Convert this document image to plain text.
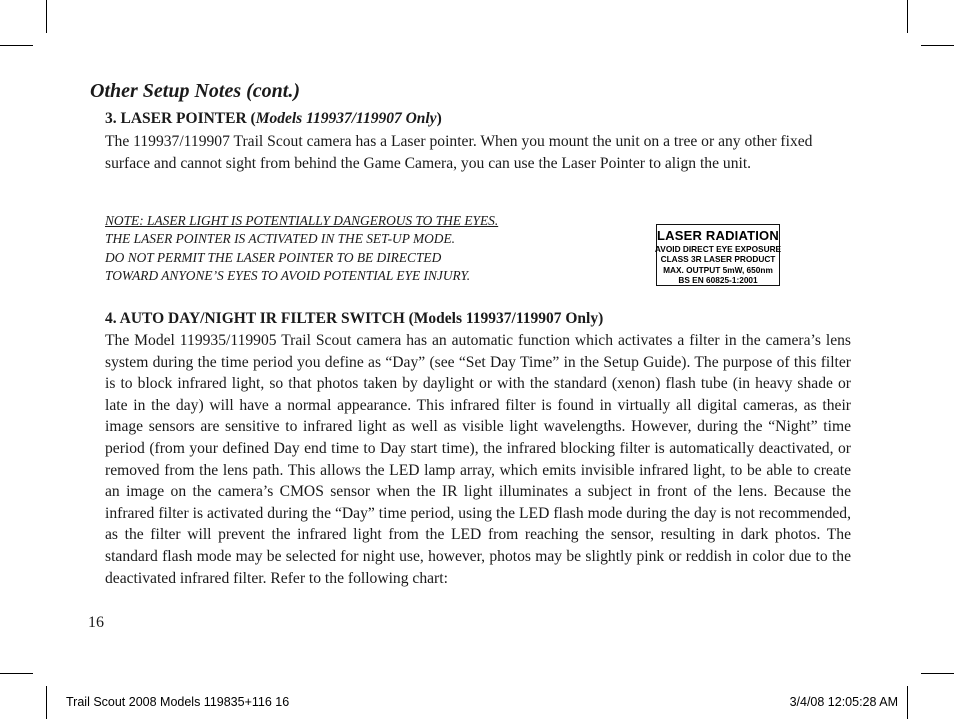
Other Setup Notes (cont.)

3. LASER POINTER (Models 119937/119907 Only)

The 119937/119907 Trail Scout camera has a Laser pointer. When you mount the unit on a tree or any other fixed surface and cannot sight from behind the Game Camera, you can use the Laser Pointer to align the unit.

NOTE: LASER LIGHT IS POTENTIALLY DANGEROUS TO THE EYES.
THE LASER POINTER IS ACTIVATED IN THE SET-UP MODE.
DO NOT PERMIT THE LASER POINTER TO BE DIRECTED
TOWARD ANYONE’S EYES TO AVOID POTENTIAL EYE INJURY.
LASER RADIATION
AVOID DIRECT EYE EXPOSURE
CLASS 3R LASER PRODUCT
MAX. OUTPUT 5mW, 650nm
BS EN 60825-1:2001

4. AUTO DAY/NIGHT IR FILTER SWITCH (Models 119937/119907 Only)

The Model 119935/119905 Trail Scout camera has an automatic function which activates a filter in the camera’s lens system during the time period you define as “Day” (see “Set Day Time” in the Setup Guide). The purpose of this filter is to block infrared light, so that photos taken by daylight or with the standard (xenon) flash tube (in heavy shade or late in the day) will have a normal appearance. This infrared filter is found in virtually all digital cameras, as their image sensors are sensitive to infrared light as well as visible light wavelengths. However, during the “Night” time period (from your defined Day end time to Day start time), the infrared blocking filter is automatically deactivated, or removed from the lens path. This allows the LED lamp array, which emits invisible infrared light, to be able to create an image on the camera’s CMOS sensor when the IR light illuminates a subject in front of the lens. Because the infrared filter is activated during the “Day” time period, using the LED flash mode during the day is not recommended, as the filter will prevent the infrared light from the LED from reaching the sensor, resulting in dark photos. The standard flash mode may be selected for night use, however, photos may be slightly pink or reddish in color due to the deactivated infrared filter. Refer to the following chart:

16

Trail Scout 2008 Models 119835+116 16	3/4/08 12:05:28 AM
